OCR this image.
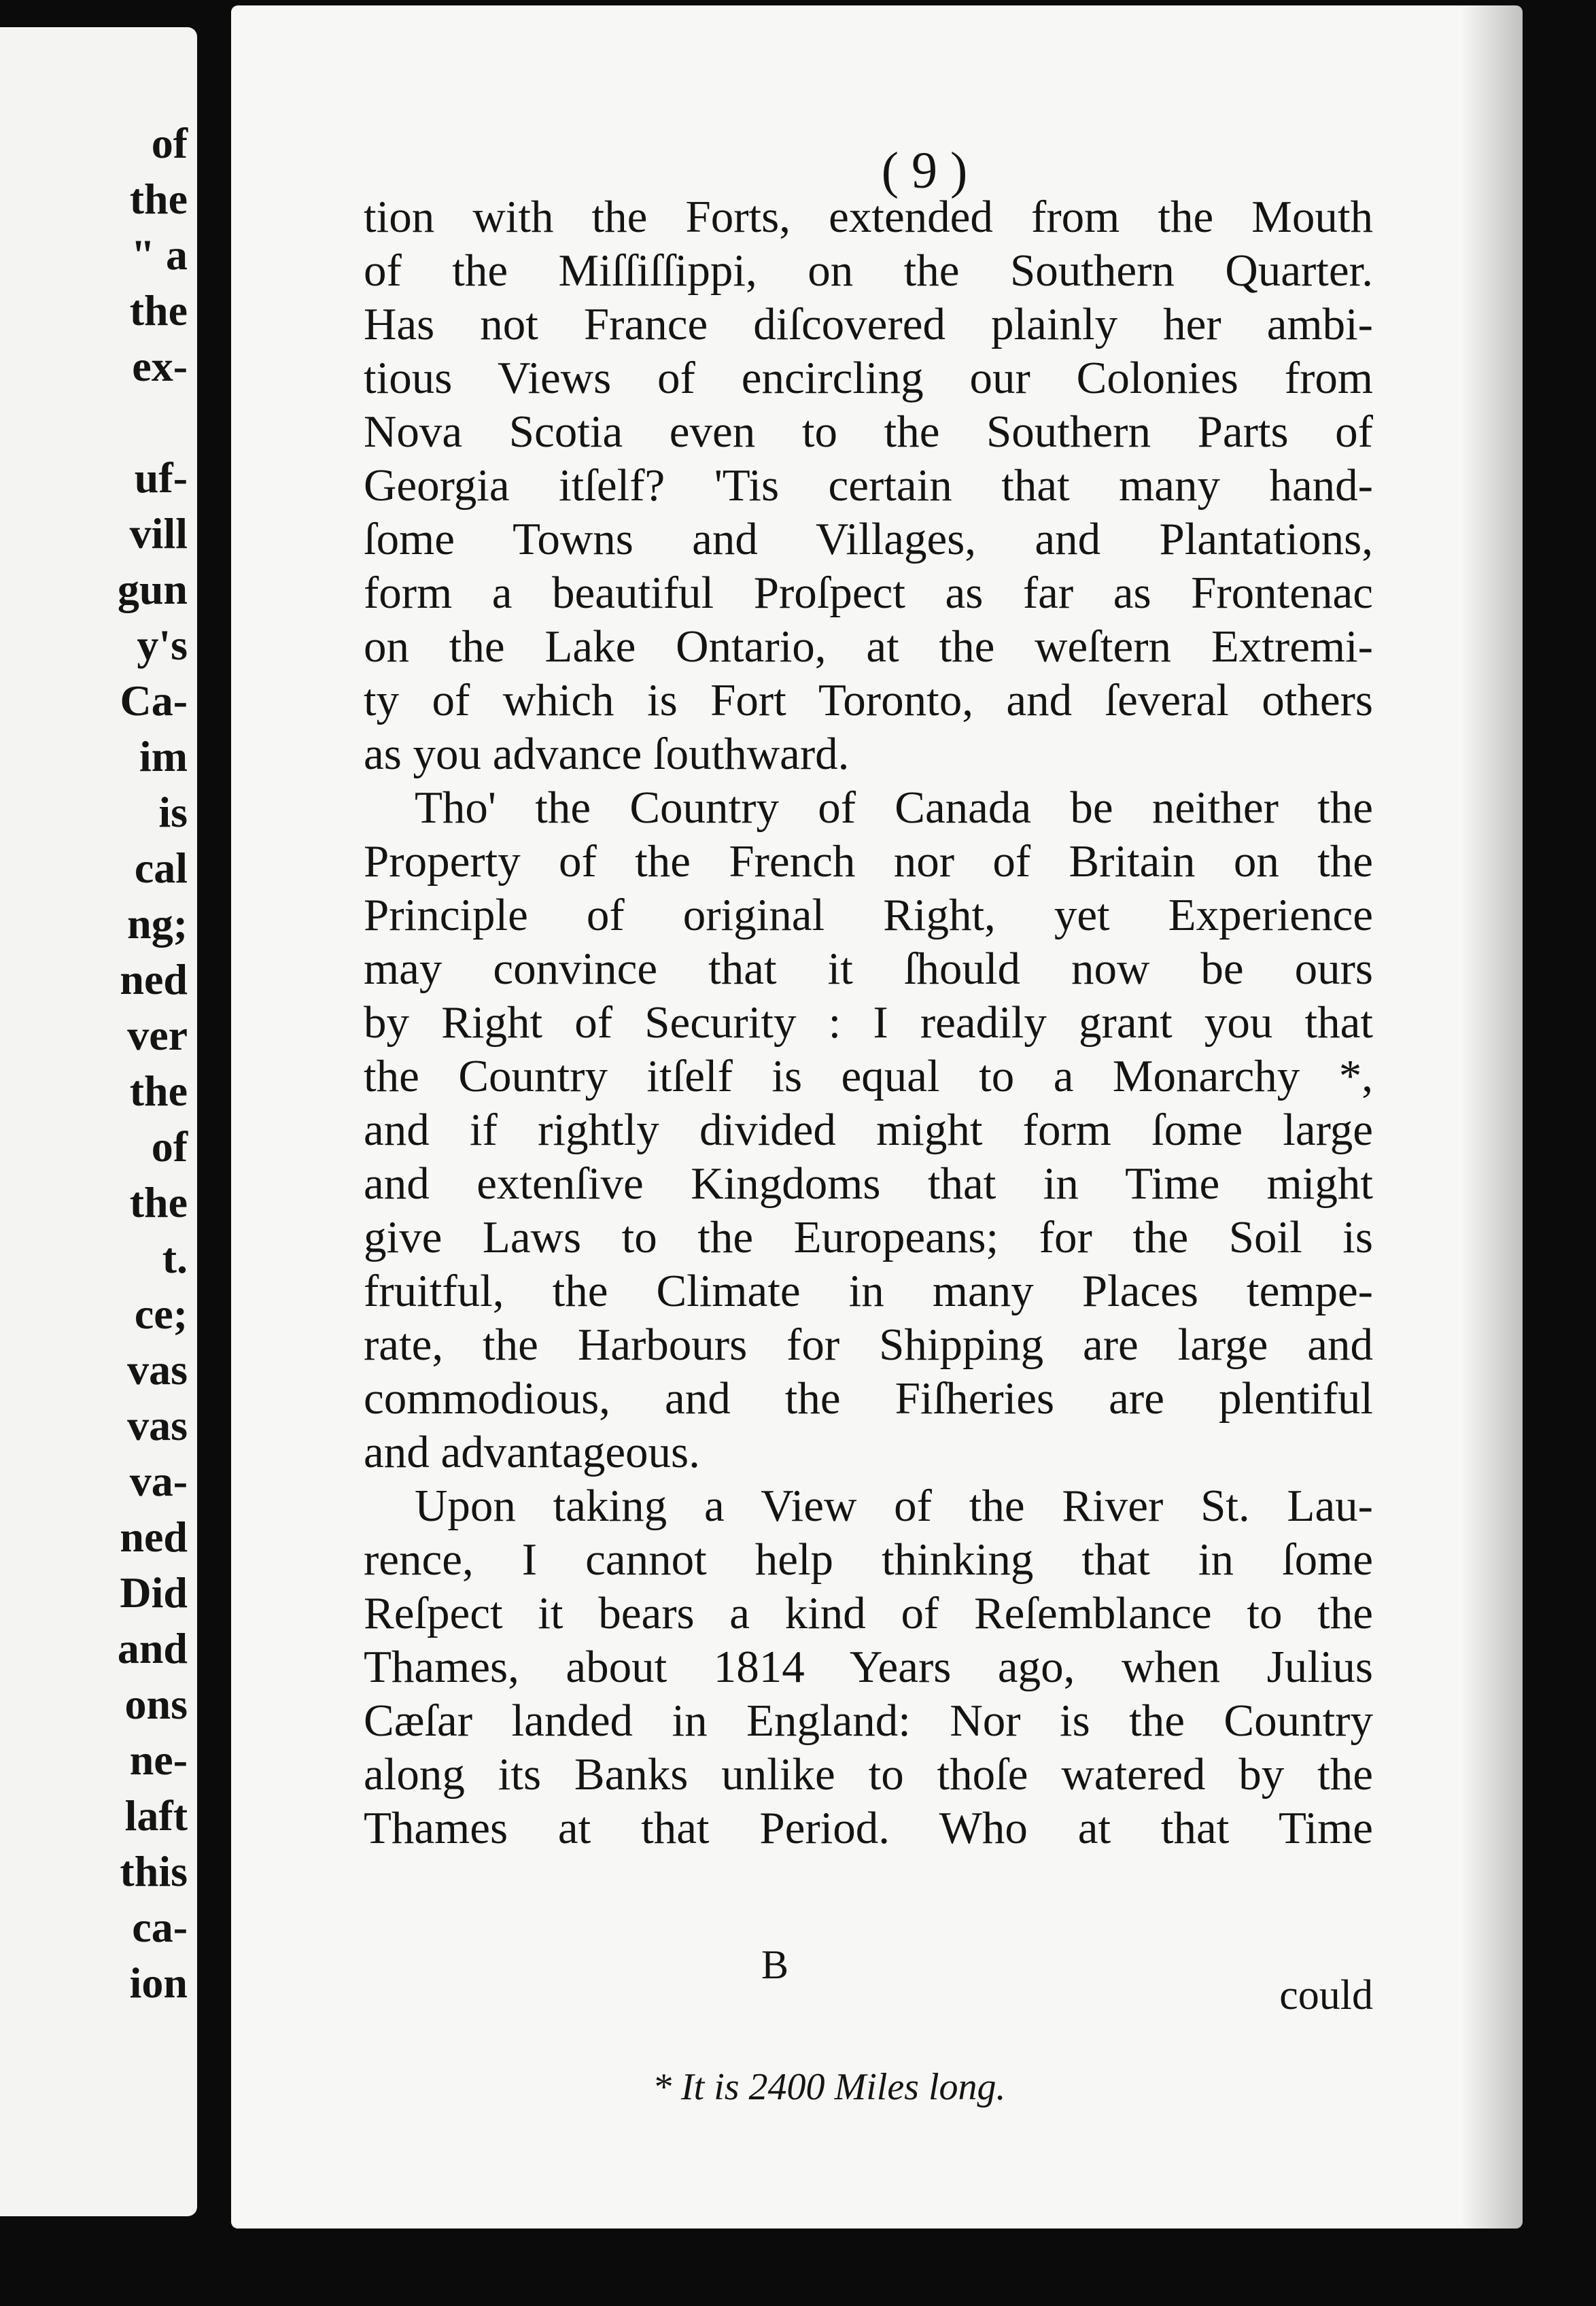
of
the
" a
the
ex-
uf-
vill
gun
y's
Ca-
im
is
cal
ng;
ned
ver
the
of
the
t.
ce;
vas
vas
va-
ned
Did
and
ons
ne-
laft
this
ca-
ion
( 9 )
tion with the Forts, extended from the Mouth
of the Miſſiſſippi, on the Southern Quarter.
Has not France diſcovered plainly her ambi-
tious Views of encircling our Colonies from
Nova Scotia even to the Southern Parts of
Georgia itſelf? 'Tis certain that many hand-
ſome Towns and Villages, and Plantations,
form a beautiful Proſpect as far as Frontenac
on the Lake Ontario, at the weſtern Extremi-
ty of which is Fort Toronto, and ſeveral others
as you advance ſouthward.
Tho' the Country of Canada be neither the
Property of the French nor of Britain on the
Principle of original Right, yet Experience
may convince that it ſhould now be ours
by Right of Security : I readily grant you that
the Country itſelf is equal to a Monarchy *,
and if rightly divided might form ſome large
and extenſive Kingdoms that in Time might
give Laws to the Europeans; for the Soil is
fruitful, the Climate in many Places tempe-
rate, the Harbours for Shipping are large and
commodious, and the Fiſheries are plentiful
and advantageous.
Upon taking a View of the River St. Lau-
rence, I cannot help thinking that in ſome
Reſpect it bears a kind of Reſemblance to the
Thames, about 1814 Years ago, when Julius
Cæſar landed in England: Nor is the Country
along its Banks unlike to thoſe watered by the
Thames at that Period. Who at that Time
B
could
* It is 2400 Miles long.
